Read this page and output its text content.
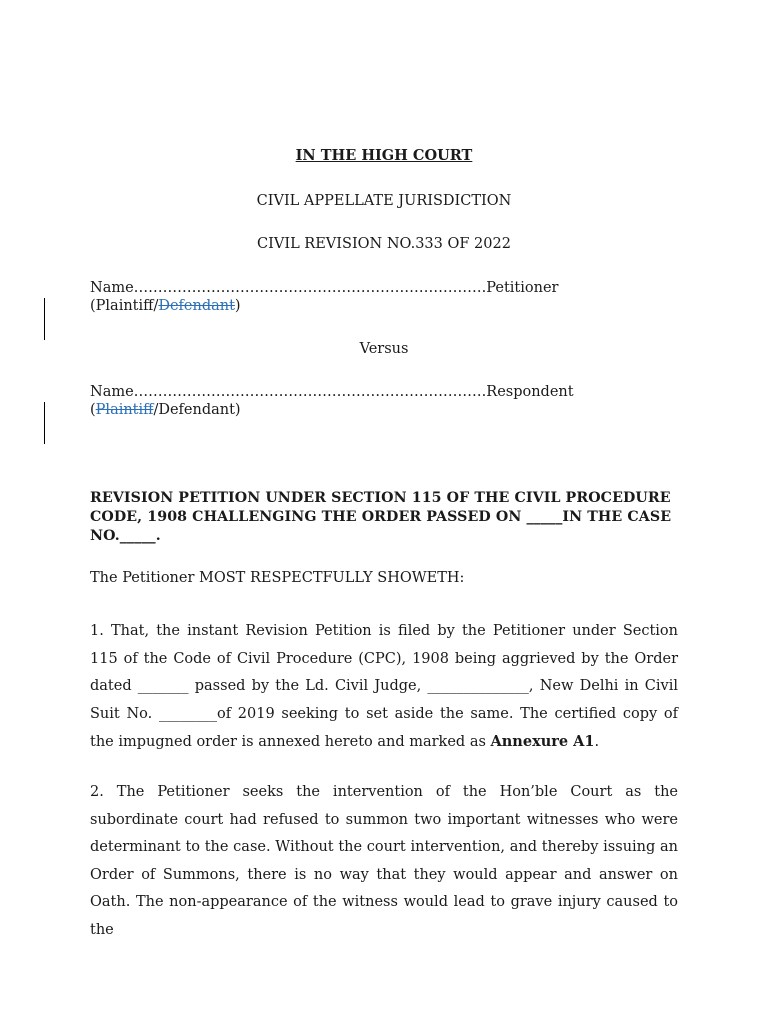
IN THE HIGH COURT
CIVIL APPELLATE JURISDICTION
CIVIL REVISION NO.333 OF 2022
Name……………………………………………………………….Petitioner
(Plaintiff/Defendant)
Versus
Name……………………………………………………………….Respondent
(Plaintiff/Defendant)
REVISION PETITION UNDER SECTION 115 OF THE CIVIL PROCEDURE CODE, 1908 CHALLENGING THE ORDER PASSED ON _____IN THE CASE NO._____.
The Petitioner MOST RESPECTFULLY SHOWETH:
1. That, the instant Revision Petition is filed by the Petitioner under Section 115 of the Code of Civil Procedure (CPC), 1908 being aggrieved by the Order dated _______ passed by the Ld. Civil Judge, ______________, New Delhi in Civil Suit No. ________of 2019 seeking to set aside the same. The certified copy of the impugned order is annexed hereto and marked as Annexure A1.
2. The Petitioner seeks the intervention of the Hon’ble Court as the subordinate court had refused to summon two important witnesses who were determinant to the case. Without the court intervention, and thereby issuing an Order of Summons, there is no way that they would appear and answer on Oath. The non-appearance of the witness would lead to grave injury caused to the
